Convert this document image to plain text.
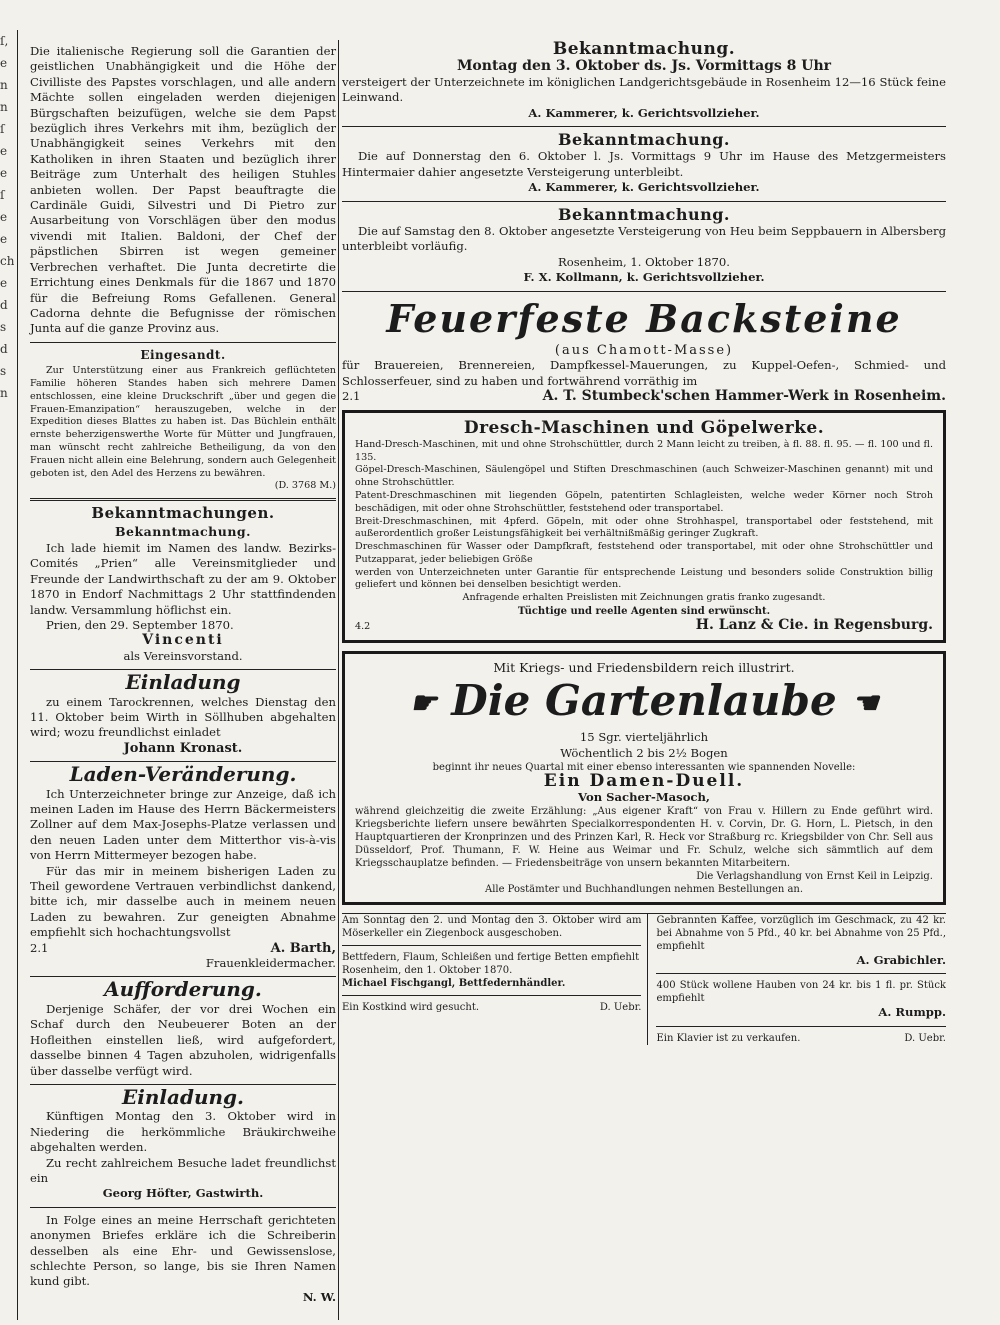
ſ,
e
n
n
ſ
e
e
ſ
e
e
ch
e
d
s
d
s
n

Die italienische Regierung soll die Garantien der geistlichen Unabhängigkeit und die Höhe der Civilliste des Papstes vorschlagen, und alle andern Mächte sollen eingeladen werden diejenigen Bürgschaften beizufügen, welche sie dem Papst bezüglich ihres Verkehrs mit ihm, bezüglich der Unabhängigkeit seines Verkehrs mit den Katholiken in ihren Staaten und bezüglich ihrer Beiträge zum Unterhalt des heiligen Stuhles anbieten wollen. Der Papst beauftragte die Cardinäle Guidi, Silvestri und Di Pietro zur Ausarbeitung von Vorschlägen über den modus vivendi mit Italien. Baldoni, der Chef der päpstlichen Sbirren ist wegen gemeiner Verbrechen verhaftet. Die Junta decretirte die Errichtung eines Denkmals für die 1867 und 1870 für die Befreiung Roms Gefallenen. General Cadorna dehnte die Befugnisse der römischen Junta auf die ganze Provinz aus.

Eingesandt.

Zur Unterstützung einer aus Frankreich geflüchteten Familie höheren Standes haben sich mehrere Damen entschlossen, eine kleine Druckschrift „über und gegen die Frauen-Emanzipation“ herauszugeben, welche in der Expedition dieses Blattes zu haben ist. Das Büchlein enthält ernste beherzigenswerthe Worte für Mütter und Jungfrauen, man wünscht recht zahlreiche Betheiligung, da von den Frauen nicht allein eine Belehrung, sondern auch Gelegenheit geboten ist, den Adel des Herzens zu bewähren.

(D. 3768 M.)
Bekanntmachungen.
Bekanntmachung.

Ich lade hiemit im Namen des landw. Bezirks-Comités „Prien“ alle Vereinsmitglieder und Freunde der Landwirthschaft zu der am 9. Oktober 1870 in Endorf Nachmittags 2 Uhr stattfindenden landw. Versammlung höflichst ein.

Prien, den 29. September 1870.

Vincenti
als Vereinsvorstand.
Einladung

zu einem Tarockrennen, welches Dienstag den 11. Oktober beim Wirth in Söllhuben abgehalten wird; wozu freundlichst einladet

Johann Kronast.
Laden-Veränderung.

Ich Unterzeichneter bringe zur Anzeige, daß ich meinen Laden im Hause des Herrn Bäckermeisters Zollner auf dem Max-Josephs-Platze verlassen und den neuen Laden unter dem Mitterthor vis-à-vis von Herrn Mittermeyer bezogen habe.

Für das mir in meinem bisherigen Laden zu Theil gewordene Vertrauen verbindlichst dankend, bitte ich, mir dasselbe auch in meinem neuen Laden zu bewahren. Zur geneigten Abnahme empfiehlt sich hochachtungsvollst

2.1	A. Barth,
Frauenkleidermacher.
Aufforderung.

Derjenige Schäfer, der vor drei Wochen ein Schaf durch den Neubeuerer Boten an der Hofleithen einstellen ließ, wird aufgefordert, dasselbe binnen 4 Tagen abzuholen, widrigenfalls über dasselbe verfügt wird.

Einladung.

Künftigen Montag den 3. Oktober wird in Niedering die herkömmliche Bräukirchweihe abgehalten werden.

Zu recht zahlreichem Besuche ladet freundlichst ein

Georg Höfter, Gastwirth.

In Folge eines an meine Herrschaft gerichteten anonymen Briefes erkläre ich die Schreiberin desselben als eine Ehr- und Gewissenslose, schlechte Person, so lange, bis sie Ihren Namen kund gibt.

N. W.
Bekanntmachung.
Montag den 3. Oktober ds. Js. Vormittags 8 Uhr

versteigert der Unterzeichnete im königlichen Landgerichtsgebäude in Rosenheim 12—16 Stück feine Leinwand.

A. Kammerer, k. Gerichtsvollzieher.
Bekanntmachung.

Die auf Donnerstag den 6. Oktober l. Js. Vormittags 9 Uhr im Hause des Metzgermeisters Hintermaier dahier angesetzte Versteigerung unterbleibt.

A. Kammerer, k. Gerichtsvollzieher.
Bekanntmachung.

Die auf Samstag den 8. Oktober angesetzte Versteigerung von Heu beim Seppbauern in Albersberg unterbleibt vorläufig.

Rosenheim, 1. Oktober 1870.
F. X. Kollmann, k. Gerichtsvollzieher.
Feuerfeste Backsteine
(aus Chamott-Masse)

für Brauereien, Brennereien, Dampfkessel-Mauerungen, zu Kuppel-Oefen-, Schmied- und Schlosserfeuer, sind zu haben und fortwährend vorräthig im

2.1	A. T. Stumbeck'schen Hammer-Werk in Rosenheim.
Dresch-Maschinen und Göpelwerke.

Hand-Dresch-Maschinen, mit und ohne Strohschüttler, durch 2 Mann leicht zu treiben, à fl. 88. fl. 95. — fl. 100 und fl. 135.

Göpel-Dresch-Maschinen, Säulengöpel und Stiften Dreschmaschinen (auch Schweizer-Maschinen genannt) mit und ohne Strohschüttler.

Patent-Dreschmaschinen mit liegenden Göpeln, patentirten Schlagleisten, welche weder Körner noch Stroh beschädigen, mit oder ohne Strohschüttler, feststehend oder transportabel.

Breit-Dreschmaschinen, mit 4pferd. Göpeln, mit oder ohne Strohhaspel, transportabel oder feststehend, mit außerordentlich großer Leistungsfähigkeit bei verhältnißmäßig geringer Zugkraft.

Dreschmaschinen für Wasser oder Dampfkraft, feststehend oder transportabel, mit oder ohne Strohschüttler und Putzapparat, jeder beliebigen Größe

werden von Unterzeichneten unter Garantie für entsprechende Leistung und besonders solide Construktion billig geliefert und können bei denselben besichtigt werden.

Anfragende erhalten Preislisten mit Zeichnungen gratis franko zugesandt.

Tüchtige und reelle Agenten sind erwünscht.

4.2	H. Lanz & Cie. in Regensburg.
Mit Kriegs- und Friedensbildern reich illustrirt.
☛ Die Gartenlaube ☚
15 Sgr. vierteljährlich
Wöchentlich 2 bis 2½ Bogen
beginnt ihr neues Quartal mit einer ebenso interessanten wie spannenden Novelle:
Ein Damen-Duell.
Von Sacher-Masoch,

während gleichzeitig die zweite Erzählung: „Aus eigener Kraft“ von Frau v. Hillern zu Ende geführt wird. Kriegsberichte liefern unsere bewährten Specialkorrespondenten H. v. Corvin, Dr. G. Horn, L. Pietsch, in den Hauptquartieren der Kronprinzen und des Prinzen Karl, R. Heck vor Straßburg rc. Kriegsbilder von Chr. Sell aus Düsseldorf, Prof. Thumann, F. W. Heine aus Weimar und Fr. Schulz, welche sich sämmtlich auf dem Kriegsschauplatze befinden. — Friedensbeiträge von unsern bekannten Mitarbeitern.

Die Verlagshandlung von Ernst Keil in Leipzig.
Alle Postämter und Buchhandlungen nehmen Bestellungen an.

Am Sonntag den 2. und Montag den 3. Oktober wird am Möserkeller ein Ziegenbock ausgeschoben.

Bettfedern, Flaum, Schleißen und fertige Betten empfiehlt

Rosenheim, den 1. Oktober 1870.

Michael Fischgangl, Bettfedernhändler.

Ein Kostkind wird gesucht.	D. Uebr.

Gebrannten Kaffee, vorzüglich im Geschmack, zu 42 kr. bei Abnahme von 5 Pfd., 40 kr. bei Abnahme von 25 Pfd., empfiehlt

A. Grabichler.

400 Stück wollene Hauben von 24 kr. bis 1 fl. pr. Stück empfiehlt

A. Rumpp.
Ein Klavier ist zu verkaufen.	D. Uebr.
